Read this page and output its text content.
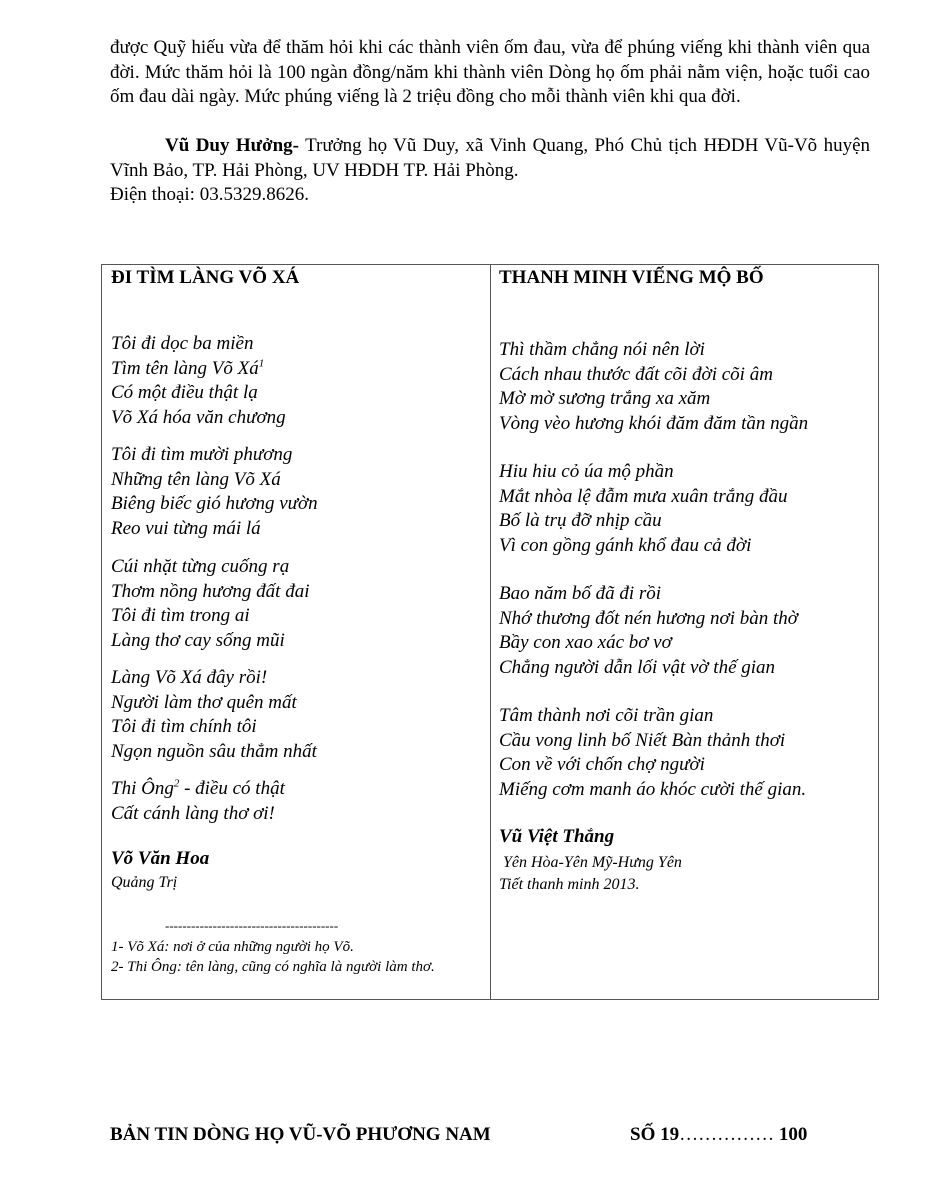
được Quỹ hiếu vừa để thăm hỏi khi các thành viên ốm đau, vừa để phúng viếng khi thành viên qua đời. Mức thăm hỏi là 100 ngàn đồng/năm khi thành viên Dòng họ ốm phải nằm viện, hoặc tuổi cao ốm đau dài ngày. Mức phúng viếng là 2 triệu đồng cho mỗi thành viên khi qua đời.

Vũ Duy Hưởng- Trưởng họ Vũ Duy, xã Vinh Quang, Phó Chủ tịch HĐDH Vũ-Võ huyện Vĩnh Bảo, TP. Hải Phòng, UV HĐDH TP. Hải Phòng.

Điện thoại: 03.5329.8626.

ĐI TÌM LÀNG VÕ XÁ
Tôi đi dọc ba miền
Tìm tên làng Võ $Xá^1$
Có một điều thật lạ
Võ Xá hóa văn chương
Tôi đi tìm mười phương
Những tên làng Võ Xá
Biêng biếc gió hương vườn
Reo vui từng mái lá
Cúi nhặt từng cuống rạ
Thơm nồng hương đất đai
Tôi đi tìm trong ai
Làng thơ cay sống mũi
Làng Võ Xá đây rồi!
Người làm thơ quên mất
Tôi đi tìm chính tôi
Ngọn nguồn sâu thẳm nhất
Thi Ông$^2$ - điều có thật
Cất cánh làng thơ ơi!
Võ Văn Hoa
Quảng Trị
----------------------------------------
1- Võ Xá: nơi ở của những người họ Võ.
2- Thi Ông: tên làng, cũng có nghĩa là người làm thơ.
THANH MINH VIẾNG MỘ BỐ
Thì thầm chẳng nói nên lời
Cách nhau thước đất cõi đời cõi âm
Mờ mờ sương trắng xa xăm
Vòng vèo hương khói đăm đăm tần ngần
Hiu hiu cỏ úa mộ phần
Mắt nhòa lệ đẫm mưa xuân trắng đầu
Bố là trụ đỡ nhịp cầu
Vì con gồng gánh khổ đau cả đời
Bao năm bố đã đi rồi
Nhớ thương đốt nén hương nơi bàn thờ
Bầy con xao xác bơ vơ
Chẳng người dẫn lối vật vờ thế gian
Tâm thành nơi cõi trần gian
Cầu vong linh bố Niết Bàn thảnh thơi
Con về với chốn chợ người
Miếng cơm manh áo khóc cười thế gian.
Vũ Việt Thắng
Yên Hòa-Yên Mỹ-Hưng Yên
Tiết thanh minh 2013.
BẢN TIN DÒNG HỌ VŨ-VÕ PHƯƠNG NAM	SỐ 19…………… 100
